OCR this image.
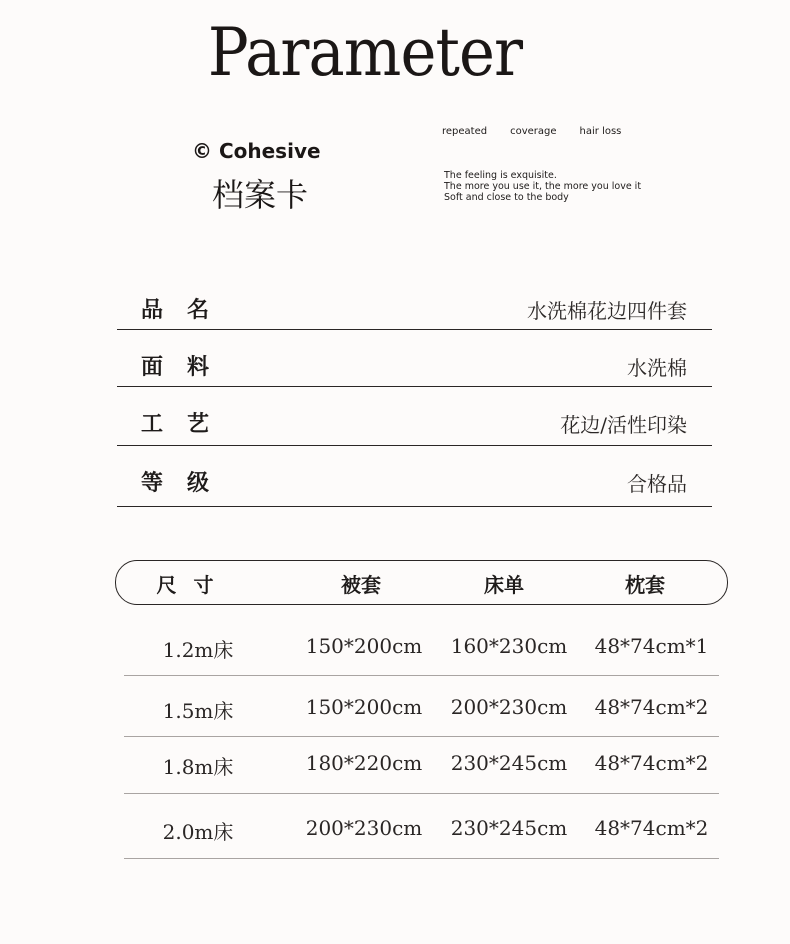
Parameter
© Cohesive
档案卡
repeated coverage hair loss
The feeling is exquisite.
The more you use it, the more you love it
Soft and close to the body
品名	水洗棉花边四件套
面料	水洗棉
工艺	花边/活性印染
等级	合格品
尺 寸	被套	床单	枕套
1.2m床	150*200cm 160*230cm 48*74cm*1
1.5m床	150*200cm 200*230cm 48*74cm*2
1.8m床	180*220cm 230*245cm 48*74cm*2
2.0m床	200*230cm 230*245cm 48*74cm*2
